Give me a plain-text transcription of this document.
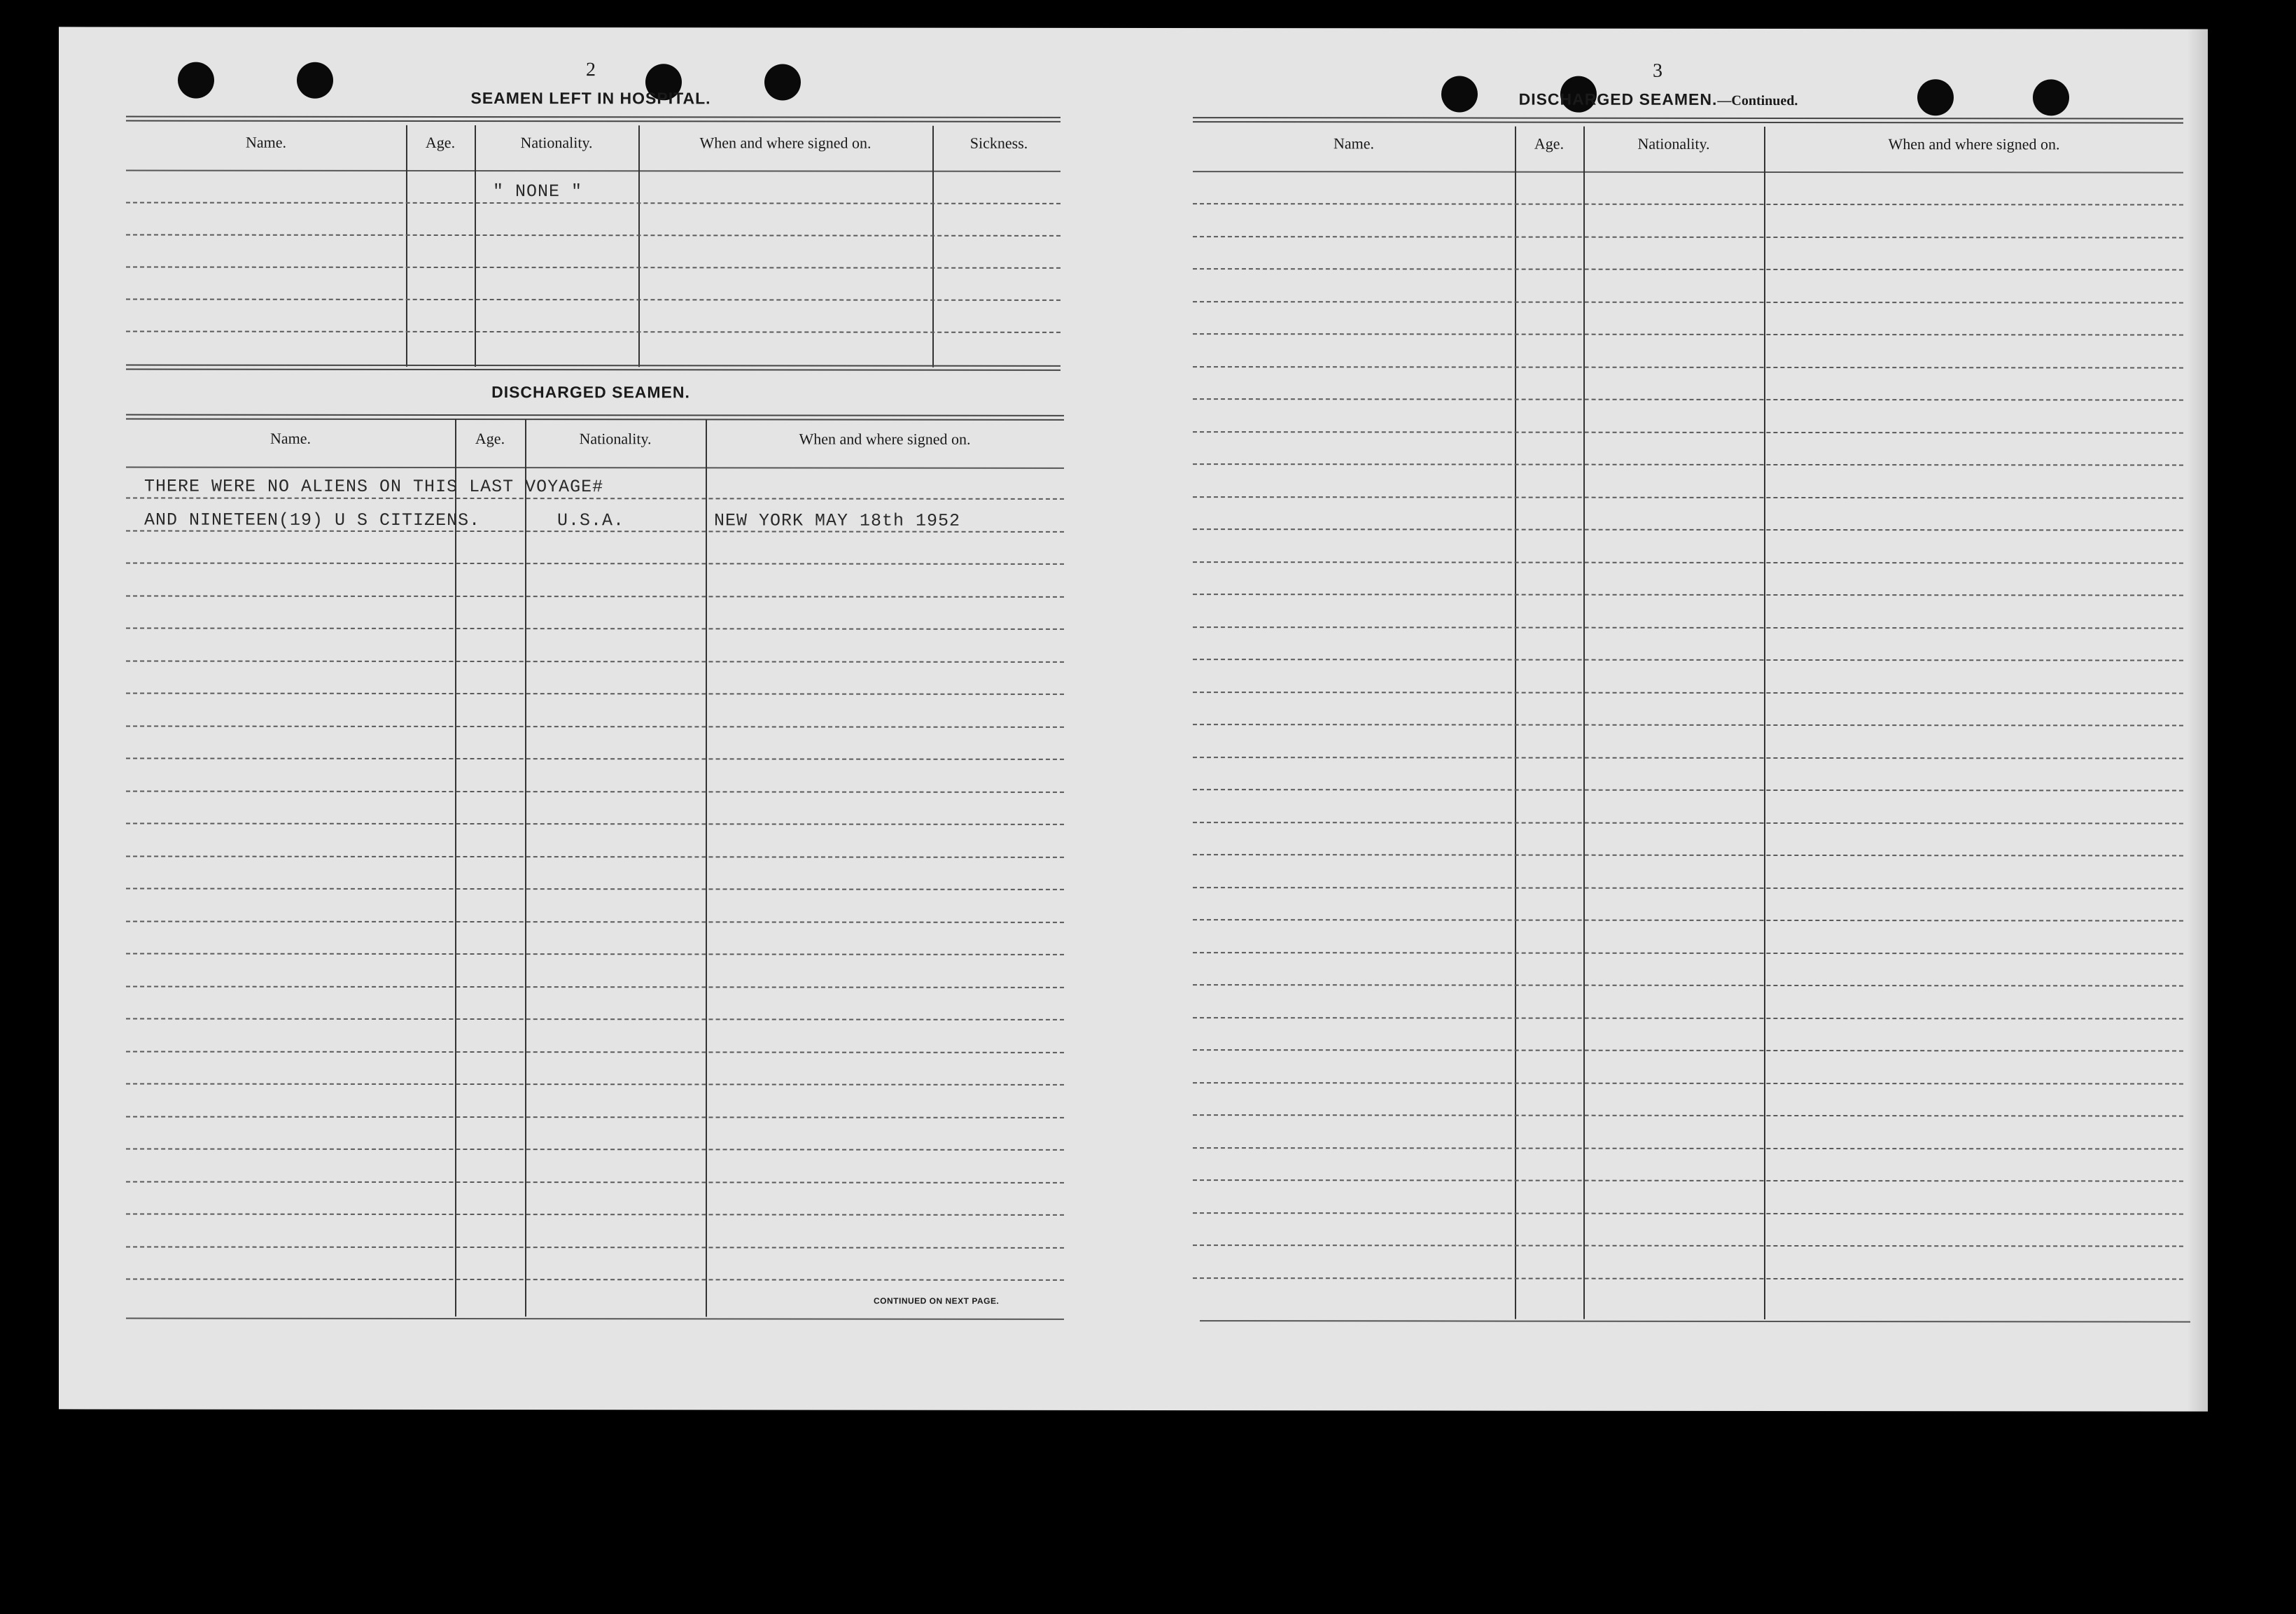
2
SEAMEN LEFT IN HOSPITAL.
Name.	Age.	Nationality.	When and where signed on.	Sickness.
" NONE "
DISCHARGED SEAMEN.
Name.	Age.	Nationality.	When and where signed on.
THERE WERE NO ALIENS ON THIS LAST VOYAGE#
AND NINETEEN(19) U S CITIZENS.	U.S.A.	NEW YORK MAY 18th 1952
CONTINUED ON NEXT PAGE.
3
DISCHARGED SEAMEN.—Continued.
Name.	Age.	Nationality.	When and where signed on.
